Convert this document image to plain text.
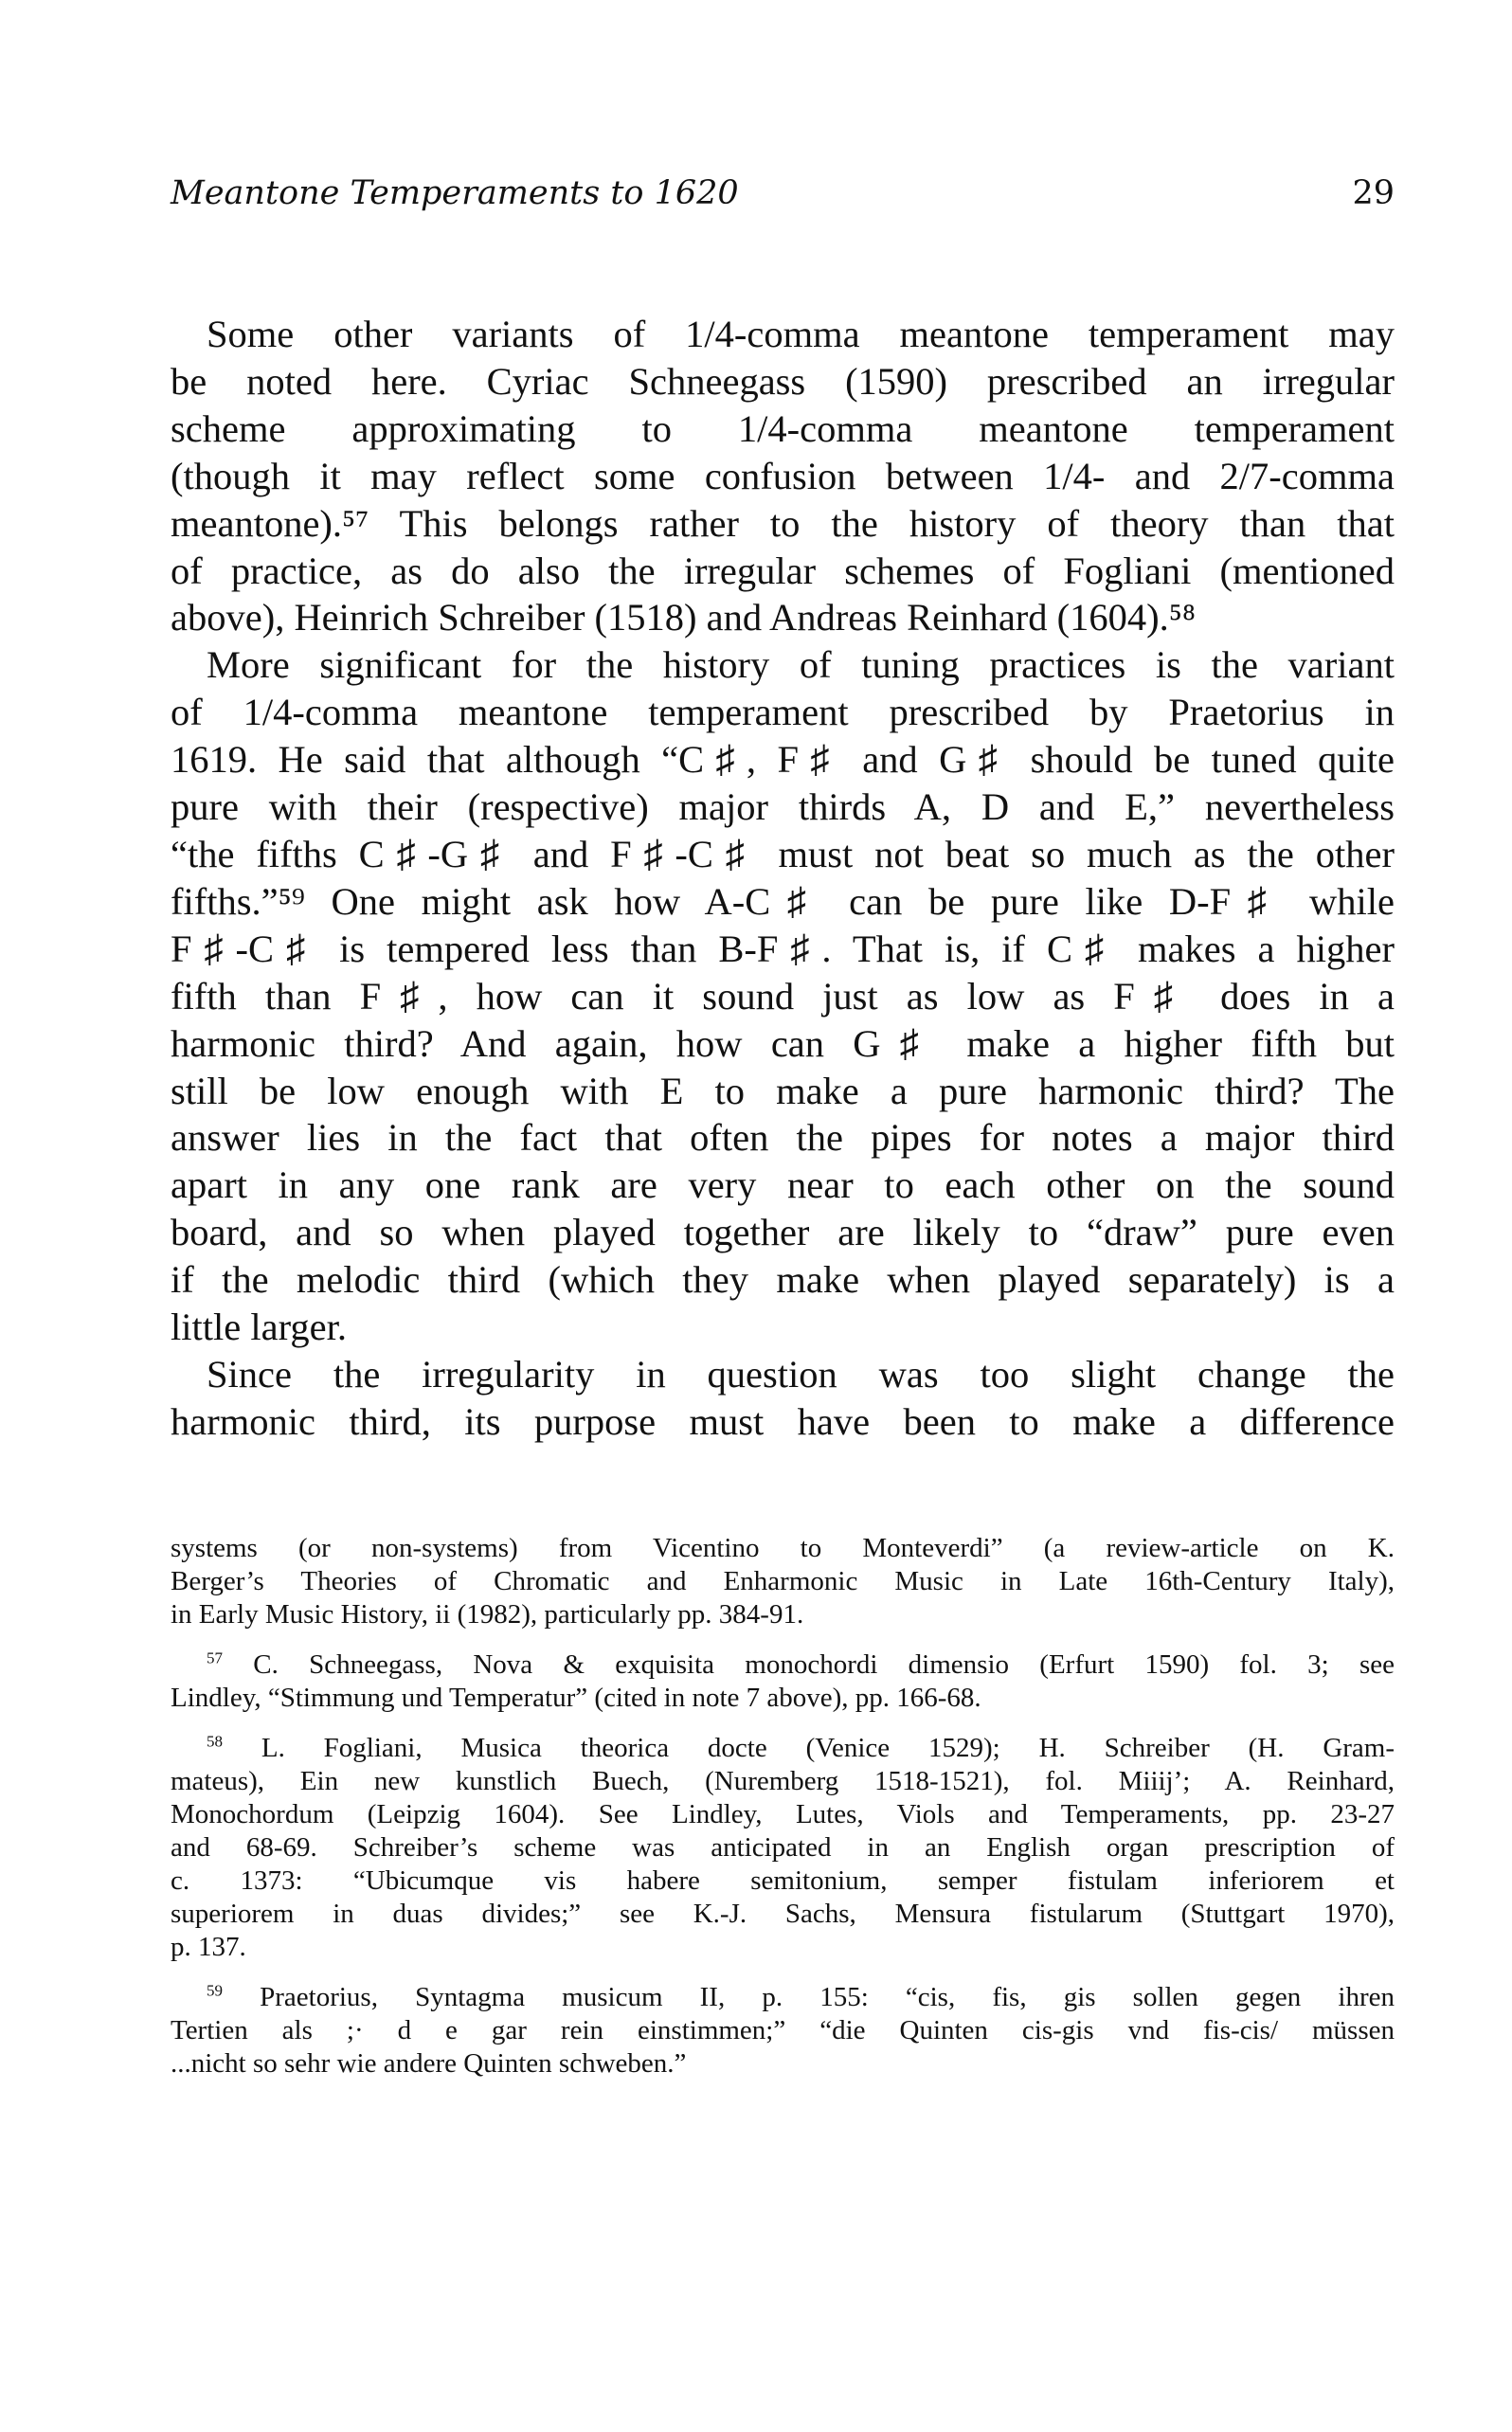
Meantone Temperaments to 1620	29
Some other variants of 1/4-comma meantone temperament may
be noted here. Cyriac Schneegass (1590) prescribed an irregular
scheme approximating to 1/4-comma meantone temperament
(though it may reflect some confusion between 1/4- and 2/7-comma
meantone).⁵⁷ This belongs rather to the history of theory than that
of practice, as do also the irregular schemes of Fogliani (mentioned
above), Heinrich Schreiber (1518) and Andreas Reinhard (1604).⁵⁸
More significant for the history of tuning practices is the variant
of 1/4-comma meantone temperament prescribed by Praetorius in
1619. He said that although “C♯, F♯ and G♯ should be tuned quite
pure with their (respective) major thirds A, D and E,” nevertheless
“the fifths C♯-G♯ and F♯-C♯ must not beat so much as the other
fifths.”⁵⁹ One might ask how A-C♯ can be pure like D-F♯ while
F♯-C♯ is tempered less than B-F♯. That is, if C♯ makes a higher
fifth than F♯, how can it sound just as low as F♯ does in a
harmonic third? And again, how can G♯ make a higher fifth but
still be low enough with E to make a pure harmonic third? The
answer lies in the fact that often the pipes for notes a major third
apart in any one rank are very near to each other on the sound
board, and so when played together are likely to “draw” pure even
if the melodic third (which they make when played separately) is a
little larger.
Since the irregularity in question was too slight change the
harmonic third, its purpose must have been to make a difference
systems (or non-systems) from Vicentino to Monteverdi” (a review-article on K.
Berger’s Theories of Chromatic and Enharmonic Music in Late 16th-Century Italy),
in Early Music History, ii (1982), particularly pp. 384-91.
$^{57}$ C. Schneegass, Nova & exquisita monochordi dimensio (Erfurt 1590) fol. 3; see
Lindley, “Stimmung und Temperatur” (cited in note 7 above), pp. 166-68.
$^{58}$ L. Fogliani, Musica theorica docte (Venice 1529); H. Schreiber (H. Gram-
mateus), Ein new kunstlich Buech, (Nuremberg 1518-1521), fol. Miiij’; A. Reinhard,
Monochordum (Leipzig 1604). See Lindley, Lutes, Viols and Temperaments, pp. 23-27
and 68-69. Schreiber’s scheme was anticipated in an English organ prescription of
c. 1373: “Ubicumque vis habere semitonium, semper fistulam inferiorem et
superiorem in duas divides;” see K.-J. Sachs, Mensura fistularum (Stuttgart 1970),
p. 137.
$^{59}$ Praetorius, Syntagma musicum II, p. 155: “cis, fis, gis sollen gegen ihren
Tertien als ;· d e gar rein einstimmen;” “die Quinten cis-gis vnd fis-cis/ müssen
...nicht so sehr wie andere Quinten schweben.”
